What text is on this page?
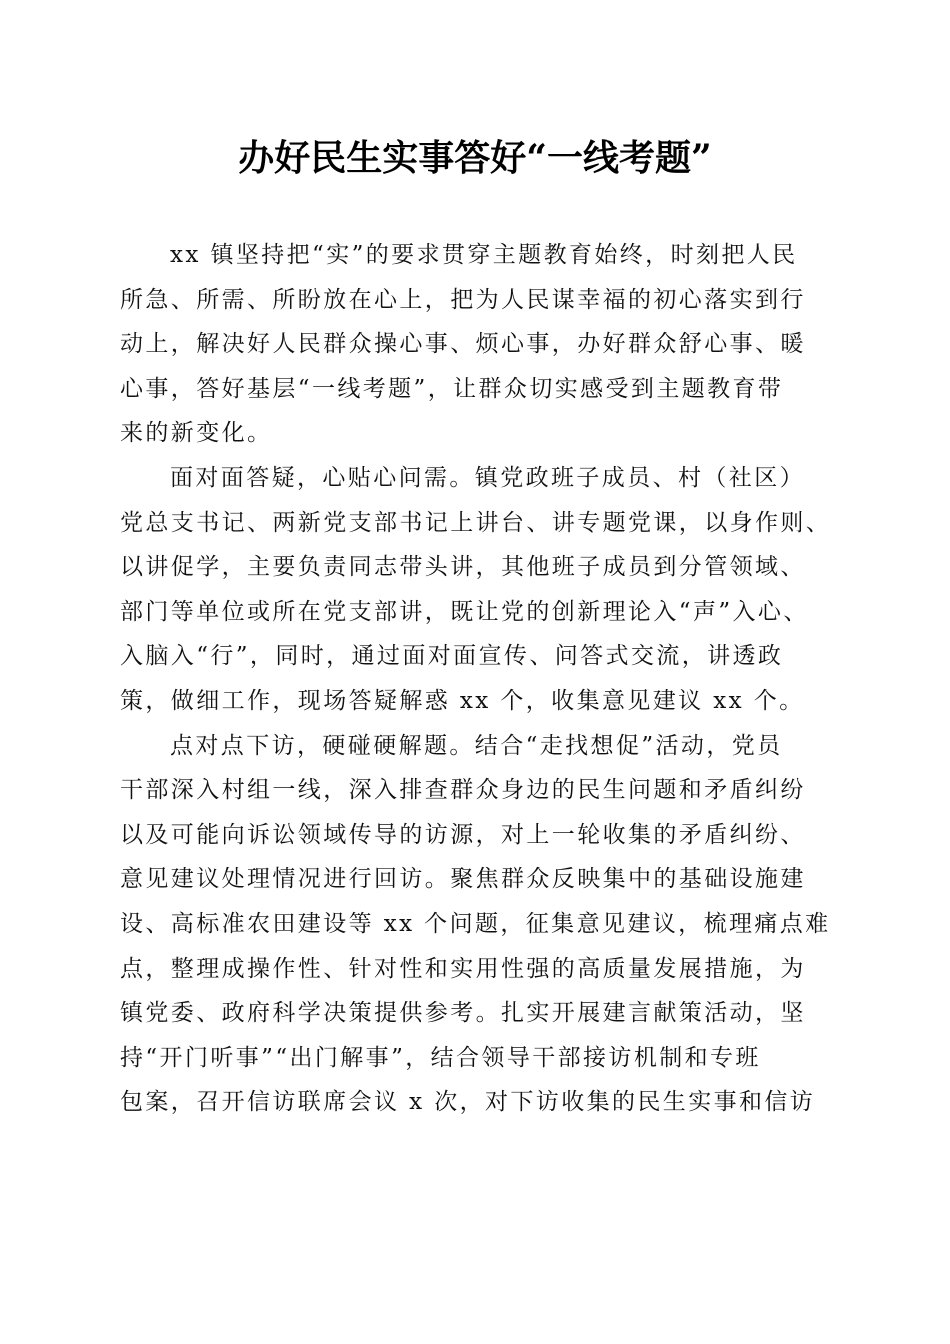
办好民生实事答好“一线考题”

xx 镇坚持把“实”的要求贯穿主题教育始终，时刻把人民
所急、所需、所盼放在心上，把为人民谋幸福的初心落实到行
动上，解决好人民群众操心事、烦心事，办好群众舒心事、暖
心事，答好基层“一线考题”，让群众切实感受到主题教育带
来的新变化。

面对面答疑，心贴心问需。镇党政班子成员、村（社区）
党总支书记、两新党支部书记上讲台、讲专题党课，以身作则、
以讲促学，主要负责同志带头讲，其他班子成员到分管领域、
部门等单位或所在党支部讲，既让党的创新理论入“声”入心、
入脑入“行”，同时，通过面对面宣传、问答式交流，讲透政
策，做细工作，现场答疑解惑 xx 个，收集意见建议 xx 个。

点对点下访，硬碰硬解题。结合“走找想促”活动，党员
干部深入村组一线，深入排查群众身边的民生问题和矛盾纠纷
以及可能向诉讼领域传导的访源，对上一轮收集的矛盾纠纷、
意见建议处理情况进行回访。聚焦群众反映集中的基础设施建
设、高标准农田建设等 xx 个问题，征集意见建议，梳理痛点难
点，整理成操作性、针对性和实用性强的高质量发展措施，为
镇党委、政府科学决策提供参考。扎实开展建言献策活动，坚
持“开门听事”“出门解事”，结合领导干部接访机制和专班
包案，召开信访联席会议 x 次，对下访收集的民生实事和信访
